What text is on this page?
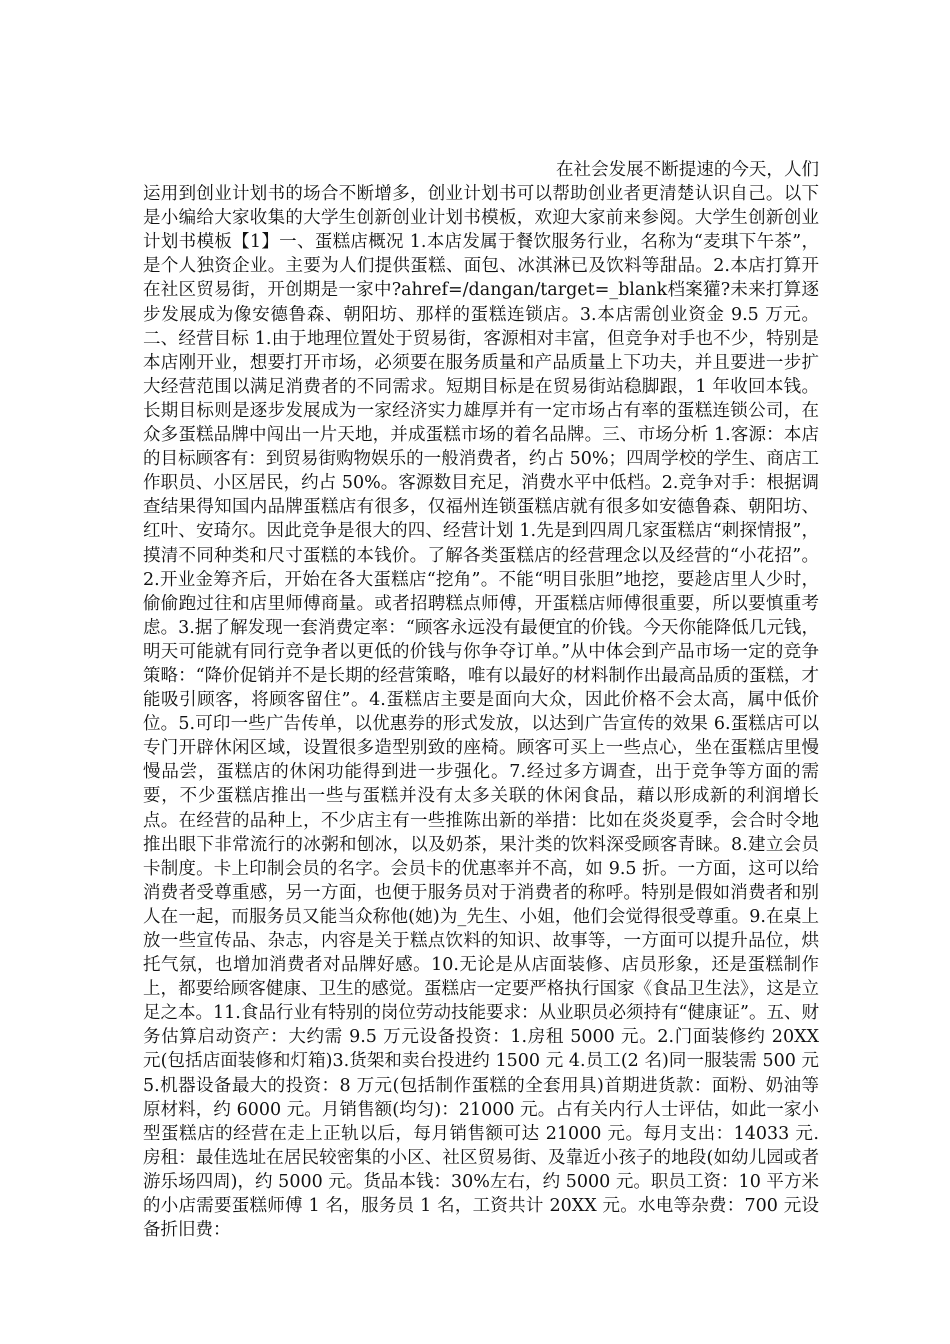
在社会发展不断提速的今天，人们运用到创业计划书的场合不断增多，创业计划书可以帮助创业者更清楚认识自己。以下是小编给大家收集的大学生创新创业计划书模板，欢迎大家前来参阅。大学生创新创业计划书模板【1】一、蛋糕店概况 1.本店发属于餐饮服务行业，名称为“麦琪下午茶”，是个人独资企业。主要为人们提供蛋糕、面包、冰淇淋已及饮料等甜品。2.本店打算开在社区贸易街，开创期是一家中?ahref=/dangan/target=_blank档案獾?未来打算逐步发展成为像安德鲁森、朝阳坊、那样的蛋糕连锁店。3.本店需创业资金 9.5 万元。二、经营目标 1.由于地理位置处于贸易街，客源相对丰富，但竞争对手也不少，特别是本店刚开业，想要打开市场，必须要在服务质量和产品质量上下功夫，并且要进一步扩大经营范围以满足消费者的不同需求。短期目标是在贸易街站稳脚跟，1 年收回本钱。长期目标则是逐步发展成为一家经济实力雄厚并有一定市场占有率的蛋糕连锁公司，在众多蛋糕品牌中闯出一片天地，并成蛋糕市场的着名品牌。三、市场分析 1.客源：本店的目标顾客有：到贸易街购物娱乐的一般消费者，约占 50%；四周学校的学生、商店工作职员、小区居民，约占 50%。客源数目充足，消费水平中低档。2.竞争对手：根据调查结果得知国内品牌蛋糕店有很多，仅福州连锁蛋糕店就有很多如安德鲁森、朝阳坊、红叶、安琦尔。因此竞争是很大的四、经营计划 1.先是到四周几家蛋糕店“刺探情报”，摸清不同种类和尺寸蛋糕的本钱价。了解各类蛋糕店的经营理念以及经营的“小花招”。2.开业金筹齐后，开始在各大蛋糕店“挖角”。不能“明目张胆”地挖，要趁店里人少时，偷偷跑过往和店里师傅商量。或者招聘糕点师傅，开蛋糕店师傅很重要，所以要慎重考虑。3.据了解发现一套消费定率：“顾客永远没有最便宜的价钱。今天你能降低几元钱，明天可能就有同行竞争者以更低的价钱与你争夺订单。”从中体会到产品市场一定的竞争策略：“降价促销并不是长期的经营策略，唯有以最好的材料制作出最高品质的蛋糕，才能吸引顾客，将顾客留住”。4.蛋糕店主要是面向大众，因此价格不会太高，属中低价位。5.可印一些广告传单，以优惠券的形式发放，以达到广告宣传的效果 6.蛋糕店可以专门开辟休闲区域，设置很多造型别致的座椅。顾客可买上一些点心，坐在蛋糕店里慢慢品尝，蛋糕店的休闲功能得到进一步强化。7.经过多方调查，出于竞争等方面的需要，不少蛋糕店推出一些与蛋糕并没有太多关联的休闲食品，藉以形成新的利润增长点。在经营的品种上，不少店主有一些推陈出新的举措：比如在炎炎夏季，会合时令地推出眼下非常流行的冰粥和刨冰，以及奶茶，果汁类的饮料深受顾客青睐。8.建立会员卡制度。卡上印制会员的名字。会员卡的优惠率并不高，如 9.5 折。一方面，这可以给消费者受尊重感，另一方面，也便于服务员对于消费者的称呼。特别是假如消费者和别人在一起，而服务员又能当众称他(她)为_先生、小姐，他们会觉得很受尊重。9.在桌上放一些宣传品、杂志，内容是关于糕点饮料的知识、故事等，一方面可以提升品位，烘托气氛，也增加消费者对品牌好感。10.无论是从店面装修、店员形象，还是蛋糕制作上，都要给顾客健康、卫生的感觉。蛋糕店一定要严格执行国家《食品卫生法》，这是立足之本。11.食品行业有特别的岗位劳动技能要求：从业职员必须持有“健康证”。五、财务估算启动资产：大约需 9.5 万元设备投资：1.房租 5000 元。2.门面装修约 20XX 元(包括店面装修和灯箱)3.货架和卖台投进约 1500 元 4.员工(2 名)同一服装需 500 元 5.机器设备最大的投资：8 万元(包括制作蛋糕的全套用具)首期进货款：面粉、奶油等原材料，约 6000 元。月销售额(均匀)：21000 元。占有关内行人士评估，如此一家小型蛋糕店的经营在走上正轨以后，每月销售额可达 21000 元。每月支出：14033 元.房租：最佳选址在居民较密集的小区、社区贸易街、及靠近小孩子的地段(如幼儿园或者游乐场四周)，约 5000 元。货品本钱：30%左右，约 5000 元。职员工资：10 平方米的小店需要蛋糕师傅 1 名，服务员 1 名，工资共计 20XX 元。水电等杂费：700 元设备折旧费：
